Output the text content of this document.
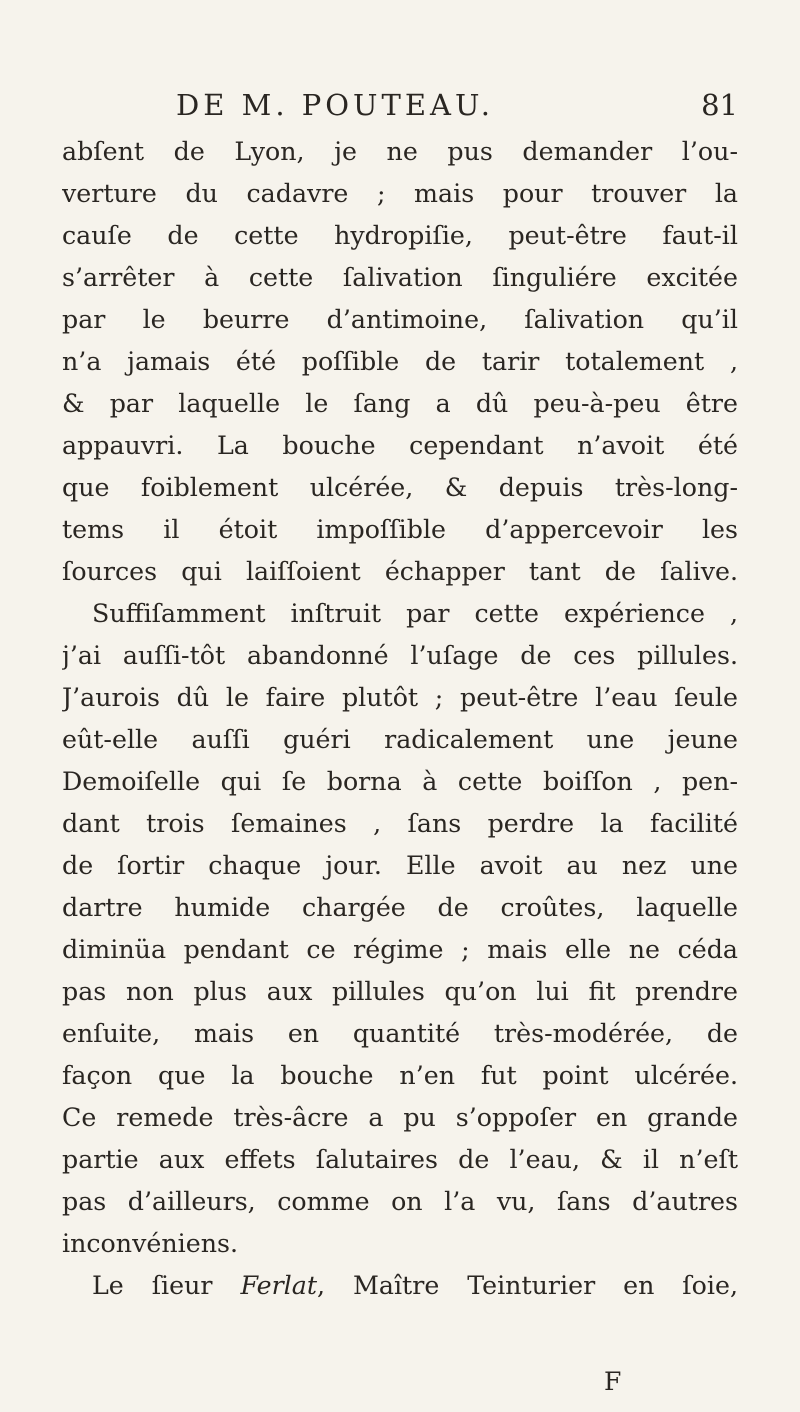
DE M. POUTEAU.	81
abſent de Lyon, je ne pus demander l’ou-
verture du cadavre ; mais pour trouver la
cauſe de cette hydropiſie, peut-être faut-il
s’arrêter à cette ſalivation ſinguliére excitée
par le beurre d’antimoine, ſalivation qu’il
n’a jamais été poſſible de tarir totalement ,
& par laquelle le ſang a dû peu-à-peu être
appauvri. La bouche cependant n’avoit été
que foiblement ulcérée, & depuis très-long-
tems il étoit impoſſible d’appercevoir les
ſources qui laiſſoient échapper tant de ſalive.
Suffiſamment inſtruit par cette expérience ,
j’ai auſſi-tôt abandonné l’uſage de ces pillules.
J’aurois dû le faire plutôt ; peut-être l’eau ſeule
eût-elle auſſi guéri radicalement une jeune
Demoiſelle qui ſe borna à cette boiſſon , pen-
dant trois ſemaines , ſans perdre la facilité
de ſortir chaque jour. Elle avoit au nez une
dartre humide chargée de croûtes, laquelle
diminüa pendant ce régime ; mais elle ne céda
pas non plus aux pillules qu’on lui fit prendre
enſuite, mais en quantité très-modérée, de
façon que la bouche n’en fut point ulcérée.
Ce remede très-âcre a pu s’oppoſer en grande
partie aux effets ſalutaires de l’eau, & il n’eſt
pas d’ailleurs, comme on l’a vu, ſans d’autres
inconvéniens.
Le ſieur Ferlat, Maître Teinturier en ſoie,
F
